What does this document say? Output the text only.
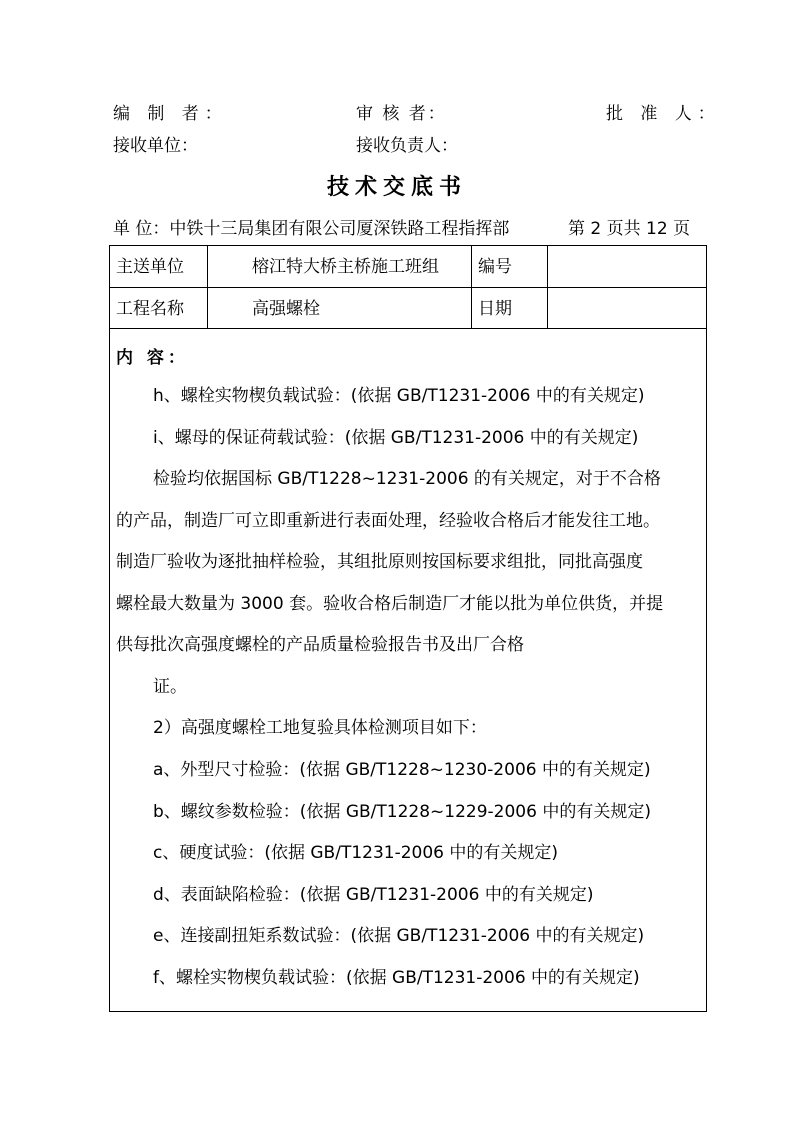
编 制 者：	审 核 者：	批 准 人：
接收单位：	接收负责人：
技术交底书
单 位：中铁十三局集团有限公司厦深铁路工程指挥部	第 2 页共 12 页
主送单位	榕江特大桥主桥施工班组 编号
工程名称	高强螺栓	日期
内 容：
h、螺栓实物楔负载试验：(依据 GB/T1231-2006 中的有关规定)
i、螺母的保证荷载试验：(依据 GB/T1231-2006 中的有关规定)
检验均依据国标 GB/T1228~1231-2006 的有关规定，对于不合格
的产品，制造厂可立即重新进行表面处理，经验收合格后才能发往工地。
制造厂验收为逐批抽样检验，其组批原则按国标要求组批，同批高强度
螺栓最大数量为 3000 套。验收合格后制造厂才能以批为单位供货，并提
供每批次高强度螺栓的产品质量检验报告书及出厂合格
证。
2）高强度螺栓工地复验具体检测项目如下：
a、外型尺寸检验：(依据 GB/T1228~1230-2006 中的有关规定)
b、螺纹参数检验：(依据 GB/T1228~1229-2006 中的有关规定)
c、硬度试验：(依据 GB/T1231-2006 中的有关规定)
d、表面缺陷检验：(依据 GB/T1231-2006 中的有关规定)
e、连接副扭矩系数试验：(依据 GB/T1231-2006 中的有关规定)
f、螺栓实物楔负载试验：(依据 GB/T1231-2006 中的有关规定)
